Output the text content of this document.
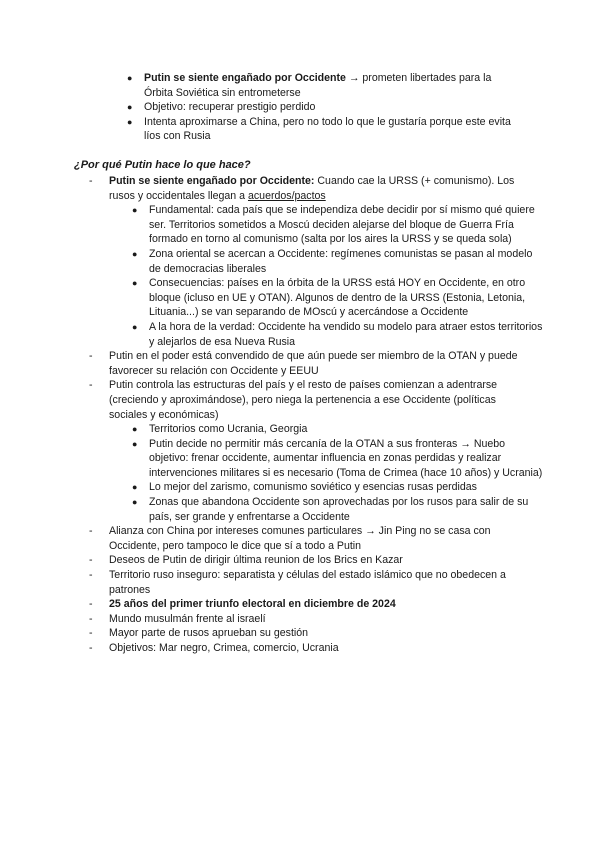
● Putin se siente engañado por Occidente → prometen libertades para la Órbita Soviética sin entrometerse
● Objetivo: recuperar prestigio perdido
● Intenta aproximarse a China, pero no todo lo que le gustaría porque este evita líos con Rusia
¿Por qué Putin hace lo que hace?
-	Putin se siente engañado por Occidente: Cuando cae la URSS (+ comunismo). Los rusos y occidentales llegan a acuerdos/pactos
● Fundamental: cada país que se independiza debe decidir por sí mismo qué quiere ser. Territorios sometidos a Moscú deciden alejarse del bloque de Guerra Fría formado en torno al comunismo (salta por los aires la URSS y se queda sola)
● Zona oriental se acercan a Occidente: regímenes comunistas se pasan al modelo de democracias liberales
● Consecuencias: países en la órbita de la URSS está HOY en Occidente, en otro bloque (icluso en UE y OTAN). Algunos de dentro de la URSS (Estonia, Letonia, Lituania...) se van separando de MOscú y acercándose a Occidente
● A la hora de la verdad: Occidente ha vendido su modelo para atraer estos territorios y alejarlos de esa Nueva Rusia
-	Putin en el poder está convendido de que aún puede ser miembro de la OTAN y puede favorecer su relación con Occidente y EEUU
-	Putin controla las estructuras del país y el resto de países comienzan a adentrarse (creciendo y aproximándose), pero niega la pertenencia a ese Occidente (políticas sociales y económicas)
● Territorios como Ucrania, Georgia
● Putin decide no permitir más cercanía de la OTAN a sus fronteras → Nuebo objetivo: frenar occidente, aumentar influencia en zonas perdidas y realizar intervenciones militares si es necesario (Toma de Crimea (hace 10 años) y Ucrania)
● Lo mejor del zarismo, comunismo soviético y esencias rusas perdidas
● Zonas que abandona Occidente son aprovechadas por los rusos para salir de su país, ser grande y enfrentarse a Occidente
-	Alianza con China por intereses comunes particulares → Jin Ping no se casa con Occidente, pero tampoco le dice que sí a todo a Putin
-	Deseos de Putin de dirigir última reunion de los Brics en Kazar
-	Territorio ruso inseguro: separatista y células del estado islámico que no obedecen a patrones
-	25 años del primer triunfo electoral en diciembre de 2024
-	Mundo musulmán frente al israelí
-	Mayor parte de rusos aprueban su gestión
-	Objetivos: Mar negro, Crimea, comercio, Ucrania
